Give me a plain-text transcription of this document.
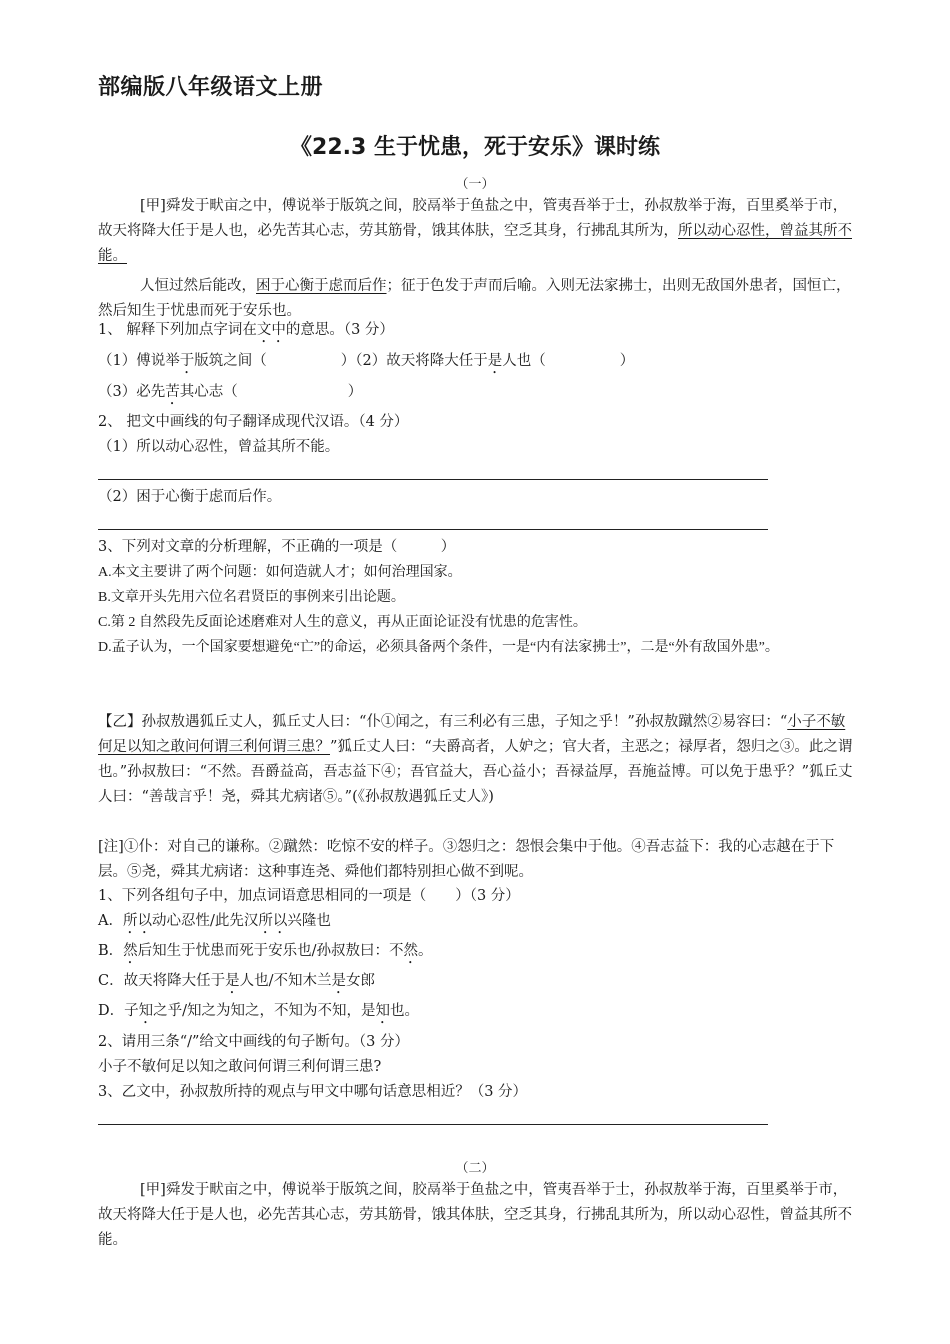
部编版八年级语文上册
《22.3 生于忧患，死于安乐》课时练
（一）

[甲]舜发于畎亩之中，傅说举于版筑之间，胶鬲举于鱼盐之中，管夷吾举于士，孙叔敖举于海，百里奚举于市，故天将降大任于是人也，必先苦其心志，劳其筋骨，饿其体肤，空乏其身，行拂乱其所为，所以动心忍性，曾益其所不能。

人恒过然后能改，困于心衡于虑而后作；征于色发于声而后喻。入则无法家拂士，出则无敌国外患者，国恒亡，然后知生于忧患而死于安乐也。

1、 解释下列加点字词在文中的意思。（3 分）
（1）傅说举于版筑之间（	）（2）故天将降大任于是人也（	）
（3）必先苦其心志（	）
2、 把文中画线的句子翻译成现代汉语。（4 分）
（1）所以动心忍性，曾益其所不能。
（2）困于心衡于虑而后作。
3、下列对文章的分析理解，不正确的一项是（　　　）
A.本文主要讲了两个问题：如何造就人才；如何治理国家。
B.文章开头先用六位名君贤臣的事例来引出论题。
C.第 2 自然段先反面论述磨难对人生的意义，再从正面论证没有忧患的危害性。
D.孟子认为，一个国家要想避免“亡”的命运，必须具备两个条件，一是“内有法家拂士”，二是“外有敌国外患”。

【乙】孙叔敖遇狐丘丈人，狐丘丈人曰：“仆①闻之，有三利必有三患，子知之乎！”孙叔敖蹴然②易容曰：“小子不敏何足以知之敢问何谓三利何谓三患？”狐丘丈人曰：“夫爵高者，人妒之；官大者，主恶之；禄厚者，怨归之③。此之谓也。”孙叔敖曰：“不然。吾爵益高，吾志益下④；吾官益大，吾心益小；吾禄益厚，吾施益博。可以免于患乎？”狐丘丈人曰：“善哉言乎！尧，舜其尤病诸⑤。”(《孙叔敖遇狐丘丈人》)

[注]①仆：对自己的谦称。②蹴然：吃惊不安的样子。③怨归之：怨恨会集中于他。④吾志益下：我的心志越在于下层。⑤尧，舜其尤病诸：这种事连尧、舜他们都特别担心做不到呢。
1、下列各组句子中，加点词语意思相同的一项是（　　）（3 分）
A．所以动心忍性/此先汉所以兴隆也
B．然后知生于忧患而死于安乐也/孙叔敖曰：不然。
C．故天将降大任于是人也/不知木兰是女郎
D．子知之乎/知之为知之，不知为不知，是知也。
2、请用三条“/”给文中画线的句子断句。（3 分）
小子不敏何足以知之敢问何谓三利何谓三患?
3、乙文中，孙叔敖所持的观点与甲文中哪句话意思相近？（3 分）
（二）

[甲]舜发于畎亩之中，傅说举于版筑之间，胶鬲举于鱼盐之中，管夷吾举于士，孙叔敖举于海，百里奚举于市，故天将降大任于是人也，必先苦其心志，劳其筋骨，饿其体肤，空乏其身，行拂乱其所为，所以动心忍性，曾益其所不能。
